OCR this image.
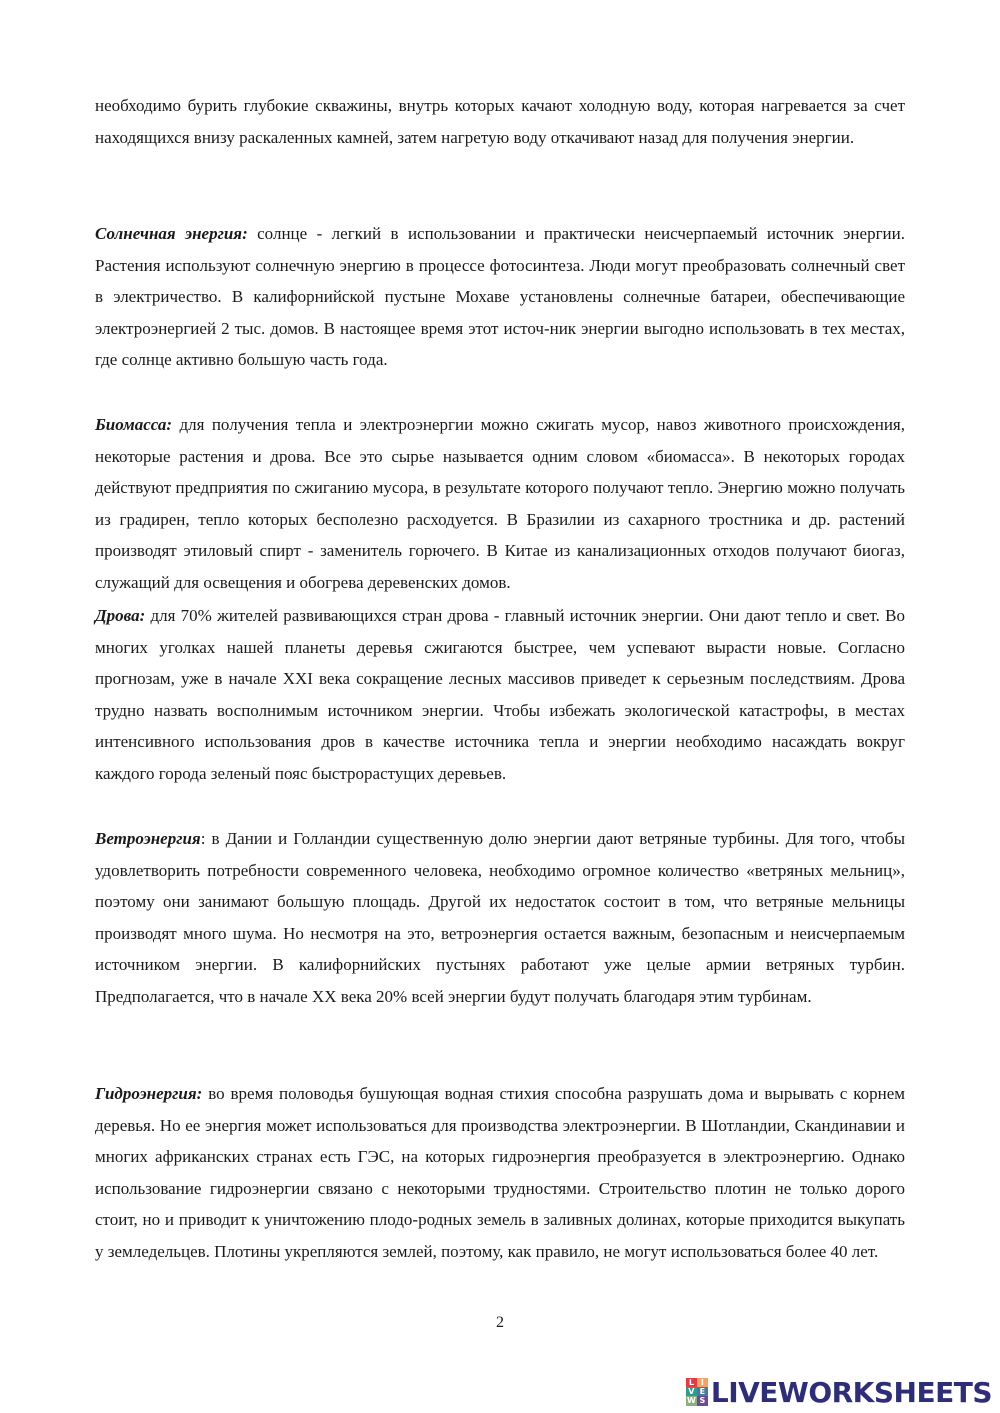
необходимо бурить глубокие скважины, внутрь которых качают холодную воду, которая нагревается за счет находящихся внизу раскаленных камней, затем нагретую воду откачивают назад для получения энергии.

Солнечная энергия: солнце - легкий в использовании и практически неисчерпаемый источник энергии. Растения используют солнечную энергию в процессе фотосинтеза. Люди могут преобразовать солнечный свет в электричество. В калифорнийской пустыне Мохаве установлены солнечные батареи, обеспечивающие электроэнергией 2 тыс. домов. В настоящее время этот источ-ник энергии выгодно использовать в тех местах, где солнце активно большую часть года.

Биомасса: для получения тепла и электроэнергии можно сжигать мусор, навоз животного происхождения, некоторые растения и дрова. Все это сырье называется одним словом «биомасса». В некоторых городах действуют предприятия по сжиганию мусора, в результате которого получают тепло. Энергию можно получать из градирен, тепло которых бесполезно расходуется. В Бразилии из сахарного тростника и др. растений производят этиловый спирт - заменитель горючего. В Китае из канализационных отходов получают биогаз, служащий для освещения и обогрева деревенских домов.

Дрова: для 70% жителей развивающихся стран дрова - главный источник энергии. Они дают тепло и свет. Во многих уголках нашей планеты деревья сжигаются быстрее, чем успевают вырасти новые. Согласно прогнозам, уже в начале XXI века сокращение лесных массивов приведет к серьезным последствиям. Дрова трудно назвать восполнимым источником энергии. Чтобы избежать экологической катастрофы, в местах интенсивного использования дров в качестве источника тепла и энергии необходимо насаждать вокруг каждого города зеленый пояс быстрорастущих деревьев.

Ветроэнергия: в Дании и Голландии существенную долю энергии дают ветряные турбины. Для того, чтобы удовлетворить потребности современного человека, необходимо огромное количество «ветряных мельниц», поэтому они занимают большую площадь. Другой их недостаток состоит в том, что ветряные мельницы производят много шума. Но несмотря на это, ветроэнергия остается важным, безопасным и неисчерпаемым источником энергии. В калифорнийских пустынях работают уже целые армии ветряных турбин. Предполагается, что в начале XX века 20% всей энергии будут получать благодаря этим турбинам.

Гидроэнергия: во время половодья бушующая водная стихия способна разрушать дома и вырывать с корнем деревья. Но ее энергия может использоваться для производства электроэнергии. В Шотландии, Скандинавии и многих африканских странах есть ГЭС, на которых гидроэнергия преобразуется в электроэнергию. Однако использование гидроэнергии связано с некоторыми трудностями. Строительство плотин не только дорого стоит, но и приводит к уничтожению плодо-родных земель в заливных долинах, которые приходится выкупать у земледельцев. Плотины укрепляются землей, поэтому, как правило, не могут использоваться более 40 лет.

2
L I
V E
W S LIVEWORKSHEETS
